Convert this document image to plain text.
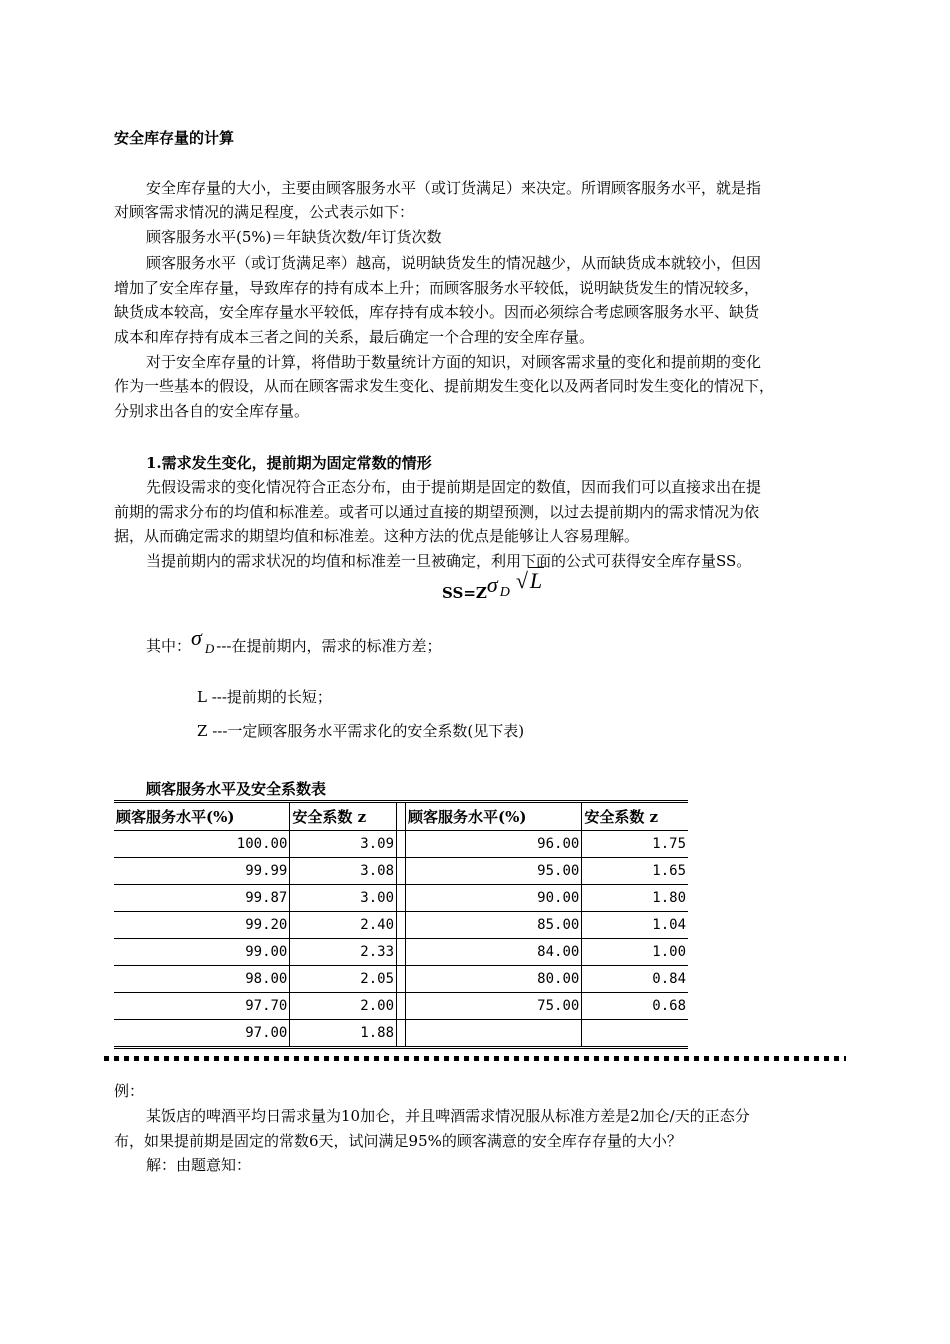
安全库存量的计算
安全库存量的大小，主要由顾客服务水平（或订货满足）来决定。所谓顾客服务水平，就是指
对顾客需求情况的满足程度，公式表示如下：
顾客服务水平(5%)＝年缺货次数/年订货次数
顾客服务水平（或订货满足率）越高，说明缺货发生的情况越少，从而缺货成本就较小，但因
增加了安全库存量，导致库存的持有成本上升；而顾客服务水平较低，说明缺货发生的情况较多，
缺货成本较高，安全库存量水平较低，库存持有成本较小。因而必须综合考虑顾客服务水平、缺货
成本和库存持有成本三者之间的关系，最后确定一个合理的安全库存量。
对于安全库存量的计算，将借助于数量统计方面的知识，对顾客需求量的变化和提前期的变化
作为一些基本的假设，从而在顾客需求发生变化、提前期发生变化以及两者同时发生变化的情况下，
分别求出各自的安全库存量。
1.需求发生变化，提前期为固定常数的情形
先假设需求的变化情况符合正态分布，由于提前期是固定的数值，因而我们可以直接求出在提
前期的需求分布的均值和标准差。或者可以通过直接的期望预测，以过去提前期内的需求情况为依
据，从而确定需求的期望均值和标准差。这种方法的优点是能够让人容易理解。
当提前期内的需求状况的均值和标准差一旦被确定，利用下面的公式可获得安全库存量SS。
SS=Zσ D √L
其中：σ D ---在提前期内，需求的标准方差；
L ---提前期的长短；
Z ---一定顾客服务水平需求化的安全系数(见下表)
顾客服务水平及安全系数表
顾客服务水平(%)	安全系数 z		顾客服务水平(%)	安全系数 z
100.00	3.09		96.00	1.75
99.99	3.08		95.00	1.65
99.87	3.00		90.00	1.80
99.20	2.40		85.00	1.04
99.00	2.33		84.00	1.00
98.00	2.05		80.00	0.84
97.70	2.00		75.00	0.68
97.00	1.88			
例：
某饭店的啤酒平均日需求量为10加仑，并且啤酒需求情况服从标准方差是2加仑/天的正态分
布，如果提前期是固定的常数6天，试问满足95%的顾客满意的安全库存存量的大小？
解：由题意知：
